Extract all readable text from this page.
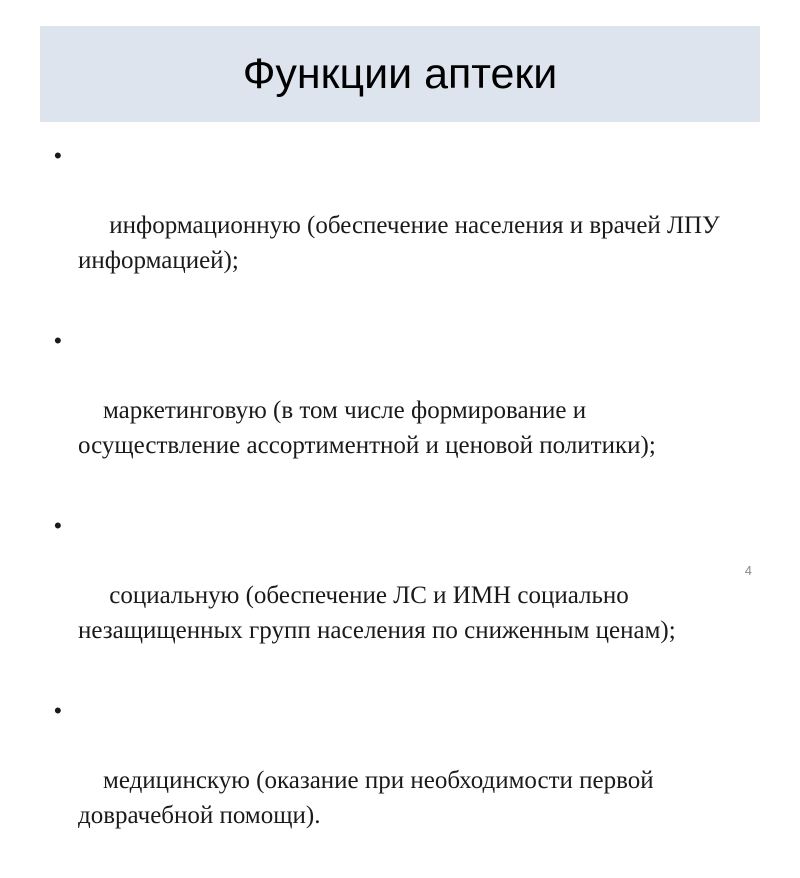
Функции аптеки

•

информационную (обеспечение населения и врачей ЛПУ информацией);

•

маркетинговую (в том числе формирование и осуществление ассортиментной и ценовой политики);

•

социальную (обеспечение ЛС и ИМН социально незащищенных групп населения по сниженным ценам);

•

медицинскую (оказание при необходимости первой доврачебной помощи).

4
